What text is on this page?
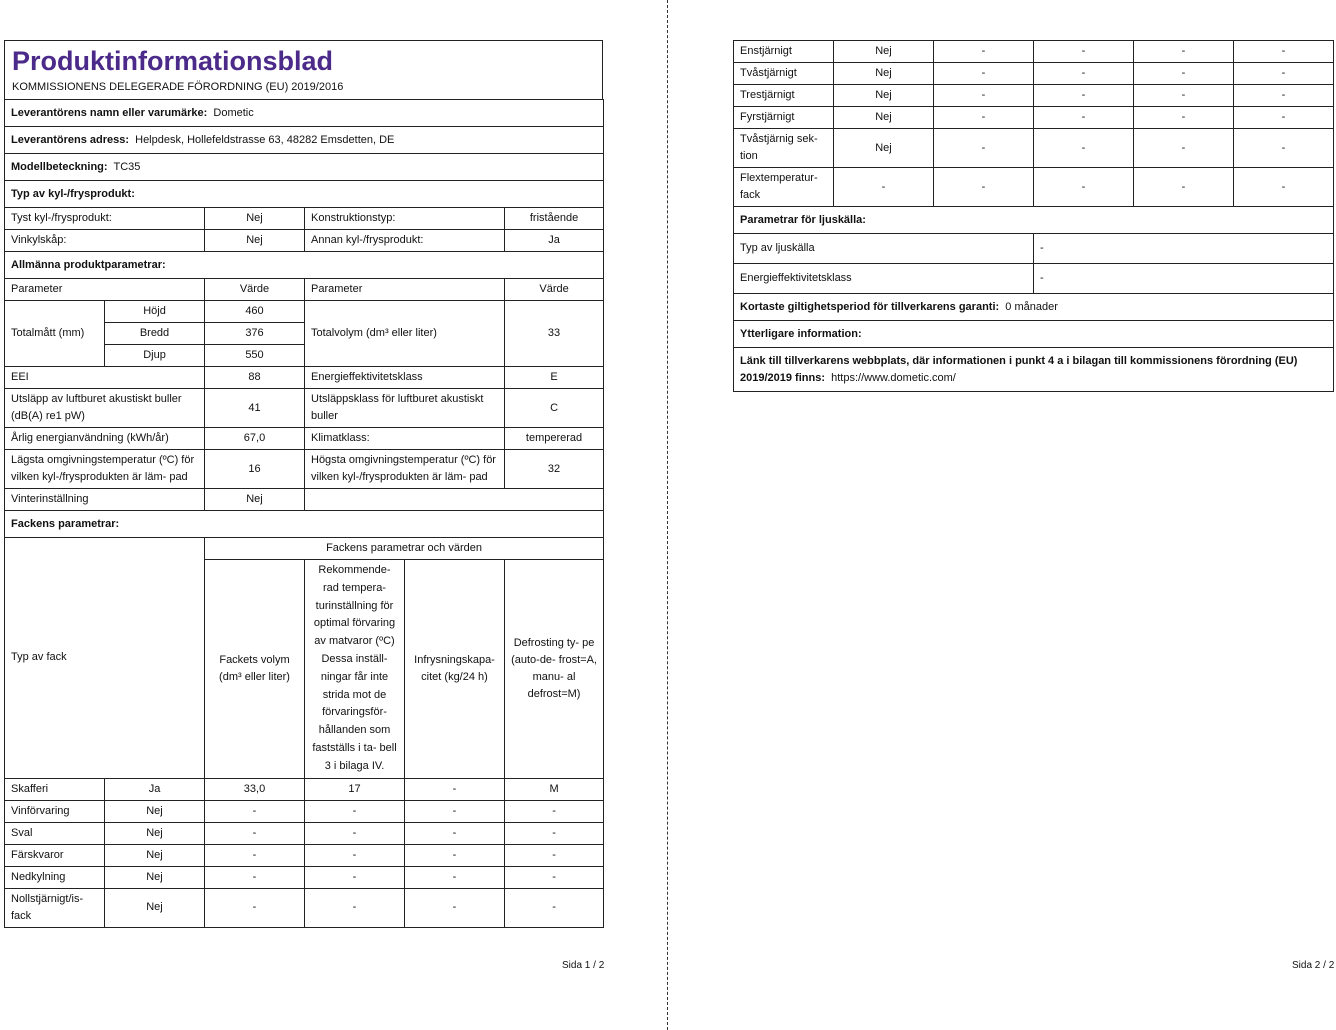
Produktinformationsblad
KOMMISSIONENS DELEGERADE FÖRORDNING (EU) 2019/2016
Leverantörens namn eller varumärke: Dometic					
Leverantörens adress: Helpdesk, Hollefeldstrasse 63, 48282 Emsdetten, DE					
Modellbeteckning: TC35					
Typ av kyl-/frysprodukt:					
Tyst kyl-/frysprodukt:		Nej	Konstruktionstyp:		fristående
Vinkylskåp:		Nej	Annan kyl-/frysprodukt:		Ja
Allmänna produktparametrar:					
Parameter		Värde	Parameter		Värde
Totalmått (mm)	Höjd	460	Totalvolym (dm³ eller liter)		33
	Bredd	376			
	Djup	550			
EEI		88	Energieffektivitetsklass		E
Utsläpp av luftburet akustiskt buller (dB(A) re1 pW)		41	Utsläppsklass för luftburet akustiskt buller		C
Årlig energianvändning (kWh/år)		67,0	Klimatklass:		tempererad
Lägsta omgivningstemperatur (ºC) för vilken kyl-/frysprodukten är läm- pad		16	Högsta omgivningstemperatur (ºC) för vilken kyl-/frysprodukten är läm- pad		32
Vinterinställning		Nej			
Fackens parametrar:					
Typ av fack		Fackens parametrar och värden			
		Fackets volym (dm³ eller liter)	Rekommende- rad tempera- turinställning för optimal förvaring av matvaror (ºC) Dessa inställ- ningar får inte strida mot de förvaringsför- hållanden som fastställs i ta- bell 3 i bilaga IV.	Infrysningskapa- citet (kg/24 h)	Defrosting ty- pe (auto-de- frost=A, manu- al defrost=M)
Skafferi	Ja	33,0	17	-	M
Vinförvaring	Nej	-	-	-	-
Sval	Nej	-	-	-	-
Färskvaror	Nej	-	-	-	-
Nedkylning	Nej	-	-	-	-
Nollstjärnigt/is- fack	Nej	-	-	-	-
Sida 1 / 2
Enstjärnigt	Nej	-	-	-	-
Tvåstjärnigt	Nej	-	-	-	-
Trestjärnigt	Nej	-	-	-	-
Fyrstjärnigt	Nej	-	-	-	-
Tvåstjärnig sek- tion	Nej	-	-	-	-
Flextemperatur- fack	-	-	-	-	-
Parametrar för ljuskälla:					
Typ av ljuskälla			-		
Energieffektivitetsklass			-		
Kortaste giltighetsperiod för tillverkarens garanti: 0 månader					
Ytterligare information:					
Länk till tillverkarens webbplats, där informationen i punkt 4 a i bilagan till kommissionens förordning (EU) 2019/2019 finns: https://www.dometic.com/					
Sida 2 / 2
